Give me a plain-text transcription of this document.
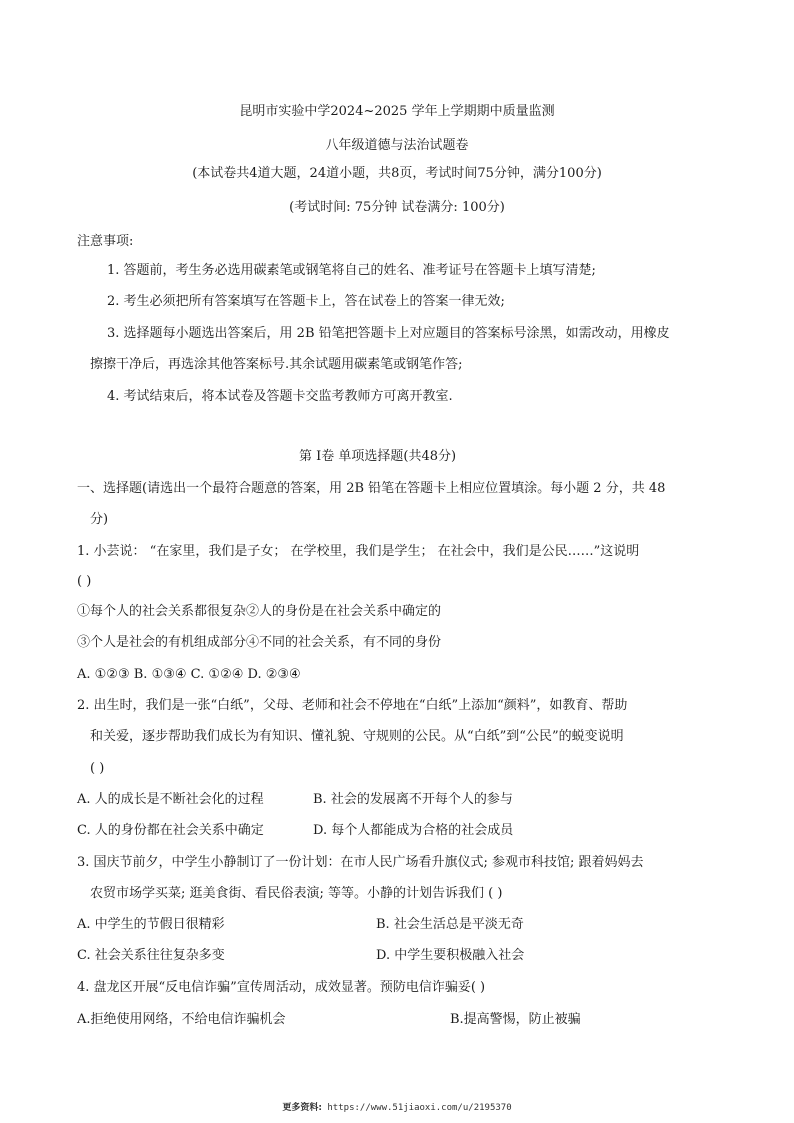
昆明市实验中学2024~2025 学年上学期期中质量监测
八年级道德与法治试题卷
(本试卷共4道大题，24道小题，共8页，考试时间75分钟，满分100分)
(考试时间: 75分钟 试卷满分: 100分)
注意事项:
1. 答题前，考生务必选用碳素笔或钢笔将自己的姓名、准考证号在答题卡上填写清楚;
2. 考生必须把所有答案填写在答题卡上，答在试卷上的答案一律无效;
3. 选择题每小题选出答案后，用 2B 铅笔把答题卡上对应题目的答案标号涂黑，如需改动，用橡皮
擦擦干净后，再选涂其他答案标号.其余试题用碳素笔或钢笔作答;
4. 考试结束后，将本试卷及答题卡交监考教师方可离开教室.
第 Ⅰ卷 单项选择题(共48分)
一、选择题(请选出一个最符合题意的答案，用 2B 铅笔在答题卡上相应位置填涂。每小题 2 分，共 48
分)
1. 小芸说： “在家里，我们是子女； 在学校里，我们是学生； 在社会中，我们是公民……”这说明
( )
①每个人的社会关系都很复杂②人的身份是在社会关系中确定的
③个人是社会的有机组成部分④不同的社会关系，有不同的身份
A. ①②③ B. ①③④ C. ①②④ D. ②③④
2. 出生时，我们是一张“白纸”，父母、老师和社会不停地在“白纸”上添加“颜料”，如教育、帮助
和关爱，逐步帮助我们成长为有知识、懂礼貌、守规则的公民。从“白纸”到“公民”的蜕变说明
( )
A. 人的成长是不断社会化的过程	B. 社会的发展离不开每个人的参与
C. 人的身份都在社会关系中确定	D. 每个人都能成为合格的社会成员
3. 国庆节前夕，中学生小静制订了一份计划：在市人民广场看升旗仪式; 参观市科技馆; 跟着妈妈去
农贸市场学买菜; 逛美食街、看民俗表演; 等等。小静的计划告诉我们 ( )
A. 中学生的节假日很精彩	B. 社会生活总是平淡无奇
C. 社会关系往往复杂多变	D. 中学生要积极融入社会
4. 盘龙区开展“反电信诈骗”宣传周活动，成效显著。预防电信诈骗妥( )
A.拒绝使用网络，不给电信诈骗机会	B.提高警惕，防止被骗
更多资料: https://www.51jiaoxi.com/u/2195370
